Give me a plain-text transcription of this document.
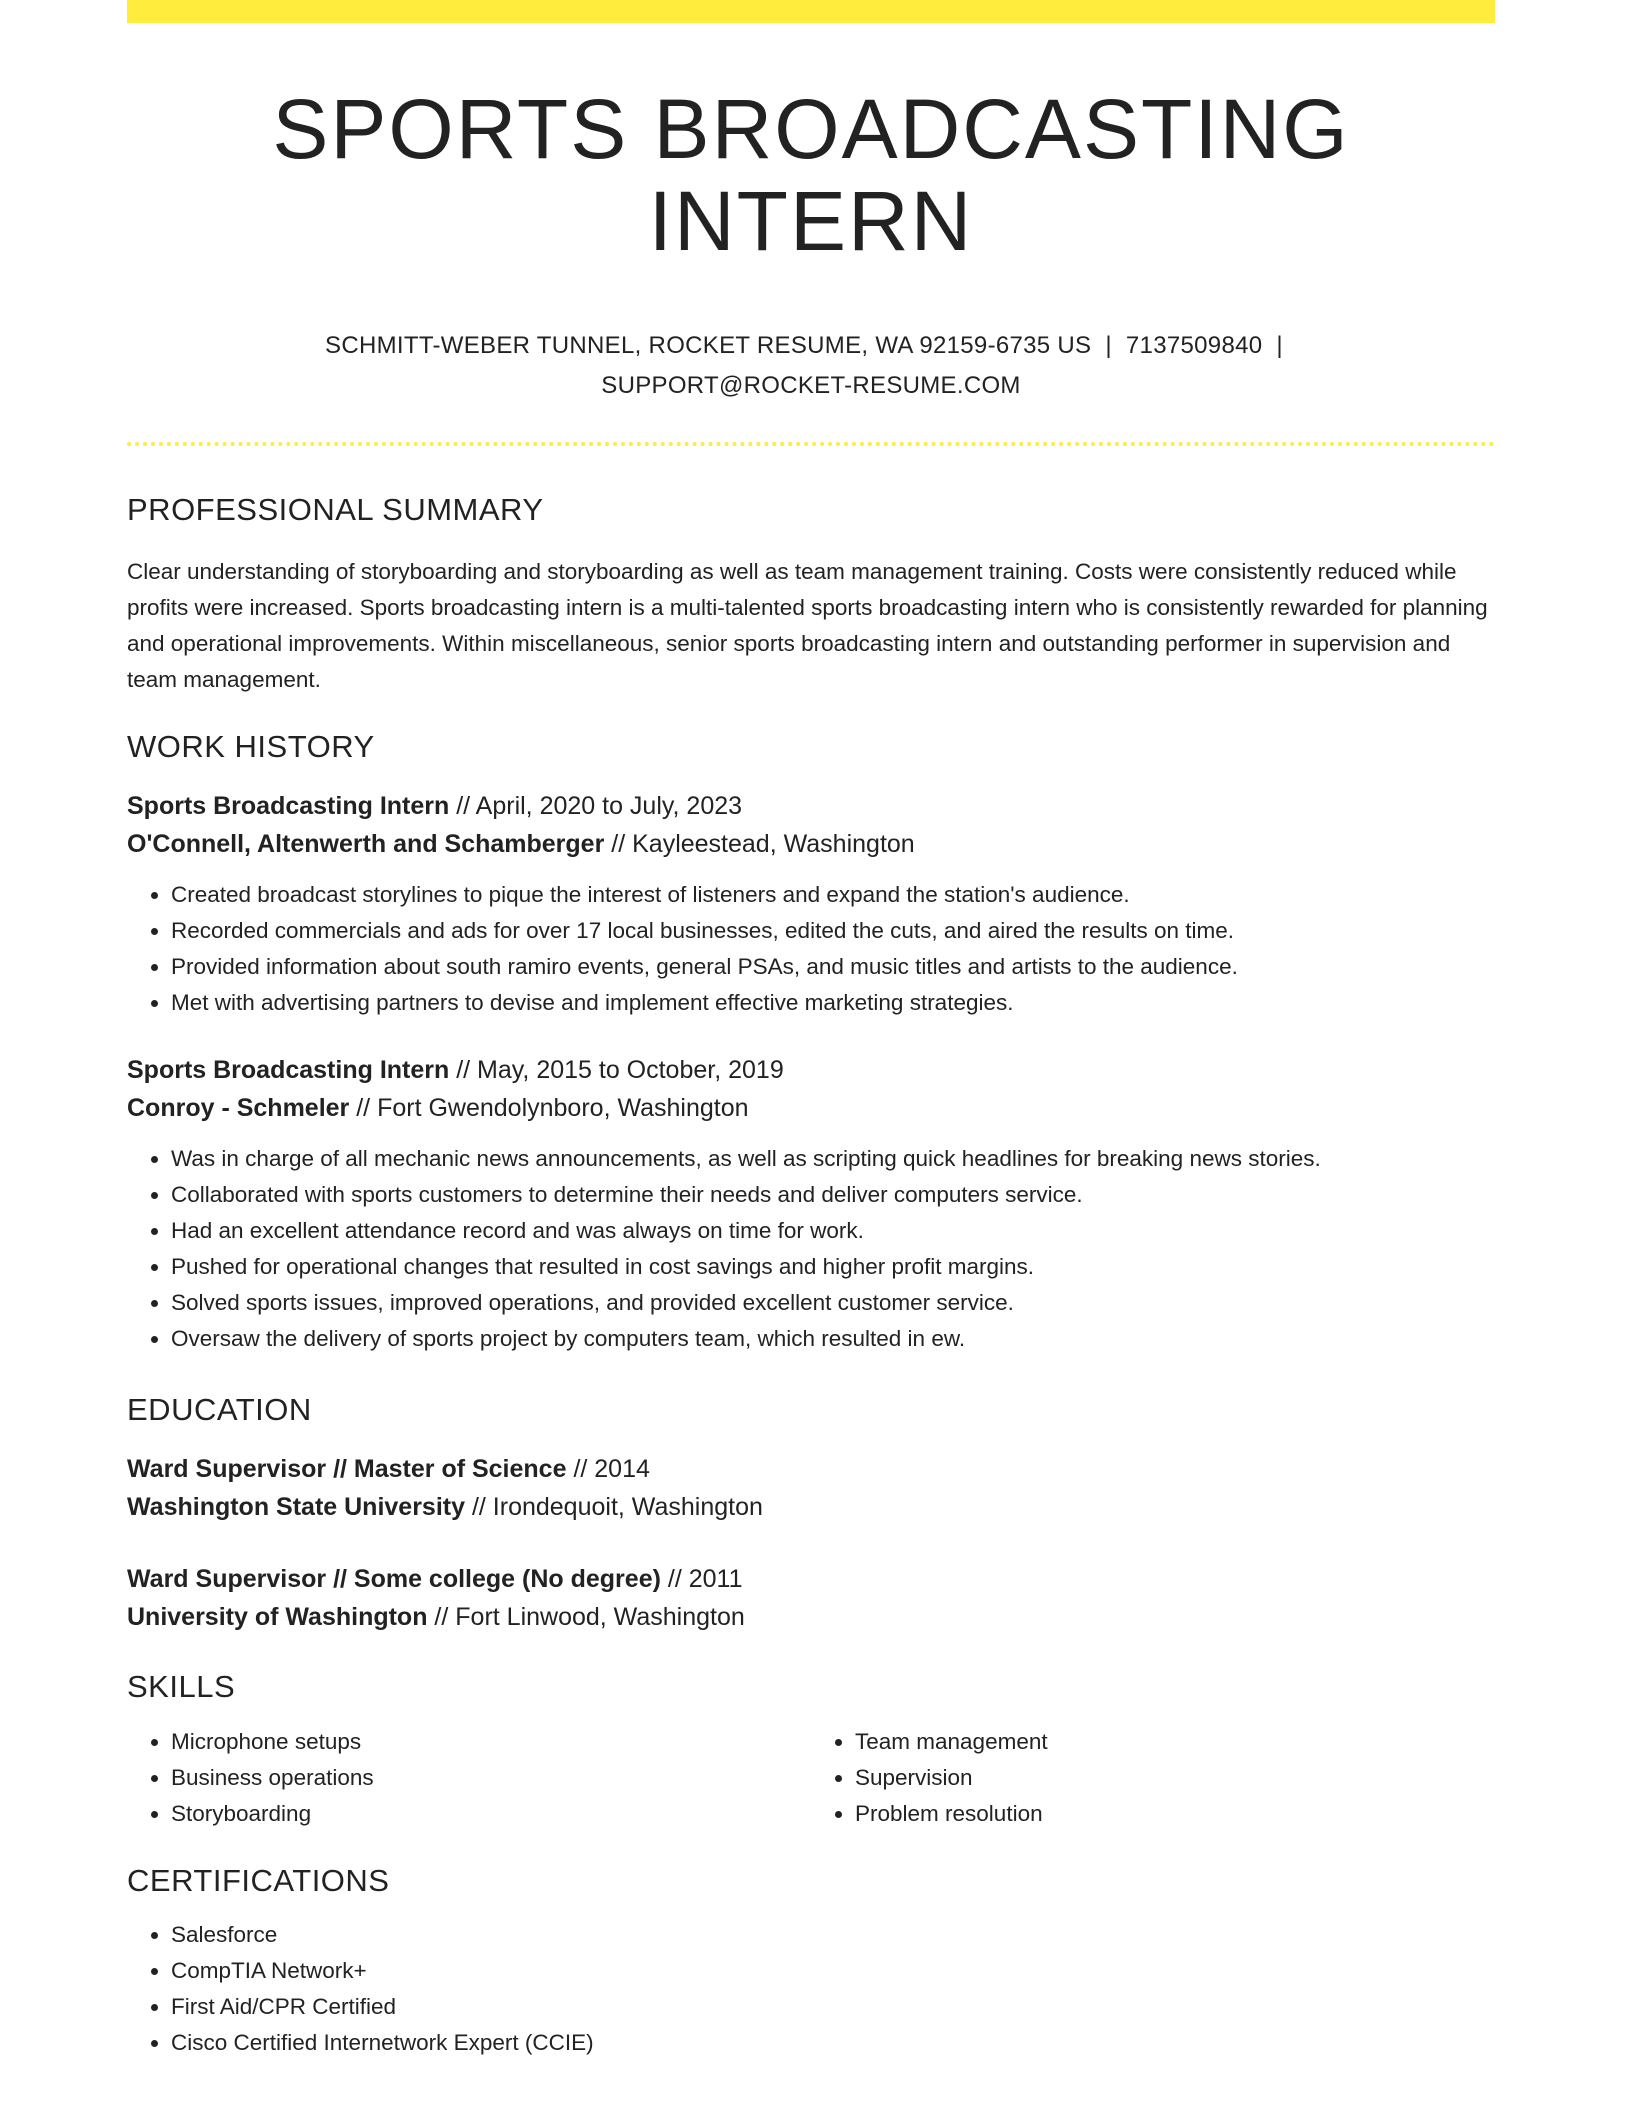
SPORTS BROADCASTING INTERN
SCHMITT-WEBER TUNNEL, ROCKET RESUME, WA 92159-6735 US | 7137509840 |
SUPPORT@ROCKET-RESUME.COM
PROFESSIONAL SUMMARY

Clear understanding of storyboarding and storyboarding as well as team management training. Costs were consistently reduced while profits were increased. Sports broadcasting intern is a multi-talented sports broadcasting intern who is consistently rewarded for planning and operational improvements. Within miscellaneous, senior sports broadcasting intern and outstanding performer in supervision and team management.

WORK HISTORY

Sports Broadcasting Intern // April, 2020 to July, 2023

O'Connell, Altenwerth and Schamberger // Kayleestead, Washington

• Created broadcast storylines to pique the interest of listeners and expand the station's audience.
• Recorded commercials and ads for over 17 local businesses, edited the cuts, and aired the results on time.
• Provided information about south ramiro events, general PSAs, and music titles and artists to the audience.
• Met with advertising partners to devise and implement effective marketing strategies.

Sports Broadcasting Intern // May, 2015 to October, 2019

Conroy - Schmeler // Fort Gwendolynboro, Washington

• Was in charge of all mechanic news announcements, as well as scripting quick headlines for breaking news stories.
• Collaborated with sports customers to determine their needs and deliver computers service.
• Had an excellent attendance record and was always on time for work.
• Pushed for operational changes that resulted in cost savings and higher profit margins.
• Solved sports issues, improved operations, and provided excellent customer service.
• Oversaw the delivery of sports project by computers team, which resulted in ew.
EDUCATION

Ward Supervisor // Master of Science // 2014

Washington State University // Irondequoit, Washington

Ward Supervisor // Some college (No degree) // 2011

University of Washington // Fort Linwood, Washington

SKILLS
• Microphone setups
• Business operations
• Storyboarding
• Team management
• Supervision
• Problem resolution
CERTIFICATIONS
• Salesforce
• CompTIA Network+
• First Aid/CPR Certified
• Cisco Certified Internetwork Expert (CCIE)
